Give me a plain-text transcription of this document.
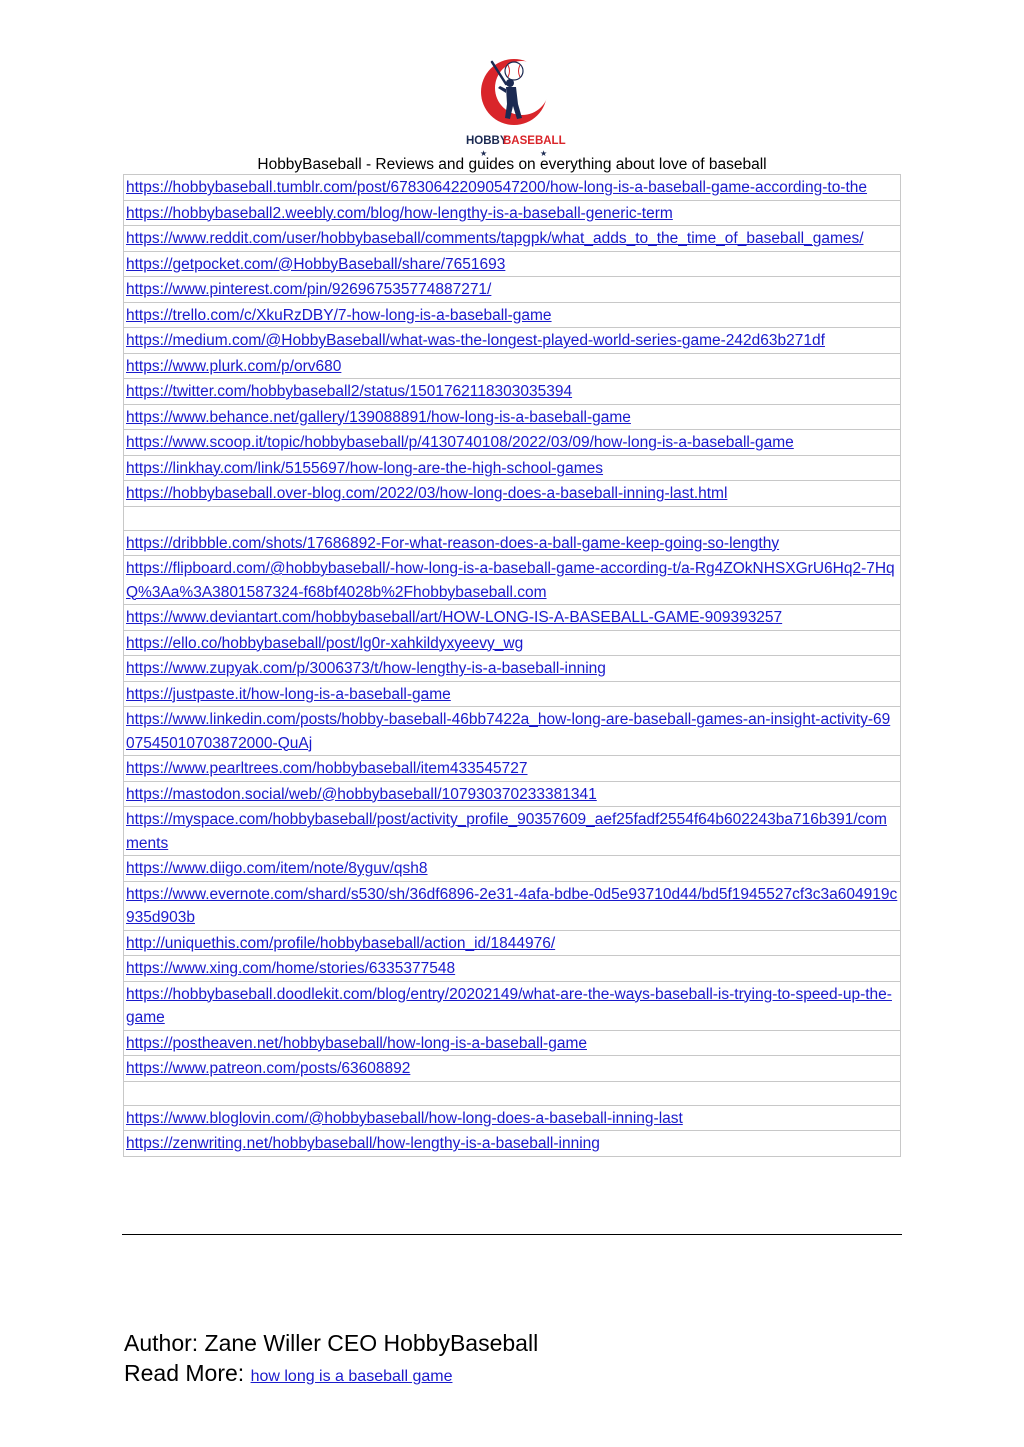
HOBBY
BASEBALL
★	★
HobbyBaseball - Reviews and guides on everything about love of baseball
https://hobbybaseball.tumblr.com/post/678306422090547200/how-long-is-a-baseball-game-according-to-the
https://hobbybaseball2.weebly.com/blog/how-lengthy-is-a-baseball-generic-term
https://www.reddit.com/user/hobbybaseball/comments/tapgpk/what_adds_to_the_time_of_baseball_games/
https://getpocket.com/@HobbyBaseball/share/7651693
https://www.pinterest.com/pin/926967535774887271/
https://trello.com/c/XkuRzDBY/7-how-long-is-a-baseball-game
https://medium.com/@HobbyBaseball/what-was-the-longest-played-world-series-game-242d63b271df
https://www.plurk.com/p/orv680
https://twitter.com/hobbybaseball2/status/1501762118303035394
https://www.behance.net/gallery/139088891/how-long-is-a-baseball-game
https://www.scoop.it/topic/hobbybaseball/p/4130740108/2022/03/09/how-long-is-a-baseball-game
https://linkhay.com/link/5155697/how-long-are-the-high-school-games
https://hobbybaseball.over-blog.com/2022/03/how-long-does-a-baseball-inning-last.html

https://dribbble.com/shots/17686892-For-what-reason-does-a-ball-game-keep-going-so-lengthy
https://flipboard.com/@hobbybaseball/-how-long-is-a-baseball-game-according-t/a-Rg4ZOkNHSXGrU6Hq2-7HqQ%3Aa%3A3801587324-f68bf4028b%2Fhobbybaseball.com
https://www.deviantart.com/hobbybaseball/art/HOW-LONG-IS-A-BASEBALL-GAME-909393257
https://ello.co/hobbybaseball/post/lg0r-xahkildyxyeevy_wg
https://www.zupyak.com/p/3006373/t/how-lengthy-is-a-baseball-inning
https://justpaste.it/how-long-is-a-baseball-game
https://www.linkedin.com/posts/hobby-baseball-46bb7422a_how-long-are-baseball-games-an-insight-activity-6907545010703872000-QuAj
https://www.pearltrees.com/hobbybaseball/item433545727
https://mastodon.social/web/@hobbybaseball/107930370233381341
https://myspace.com/hobbybaseball/post/activity_profile_90357609_aef25fadf2554f64b602243ba716b391/comments
https://www.diigo.com/item/note/8yguv/qsh8
https://www.evernote.com/shard/s530/sh/36df6896-2e31-4afa-bdbe-0d5e93710d44/bd5f1945527cf3c3a604919c935d903b
http://uniquethis.com/profile/hobbybaseball/action_id/1844976/
https://www.xing.com/home/stories/6335377548
https://hobbybaseball.doodlekit.com/blog/entry/20202149/what-are-the-ways-baseball-is-trying-to-speed-up-the-game
https://postheaven.net/hobbybaseball/how-long-is-a-baseball-game
https://www.patreon.com/posts/63608892

https://www.bloglovin.com/@hobbybaseball/how-long-does-a-baseball-inning-last
https://zenwriting.net/hobbybaseball/how-lengthy-is-a-baseball-inning
Author: Zane Willer CEO HobbyBaseball
Read More: how long is a baseball game
